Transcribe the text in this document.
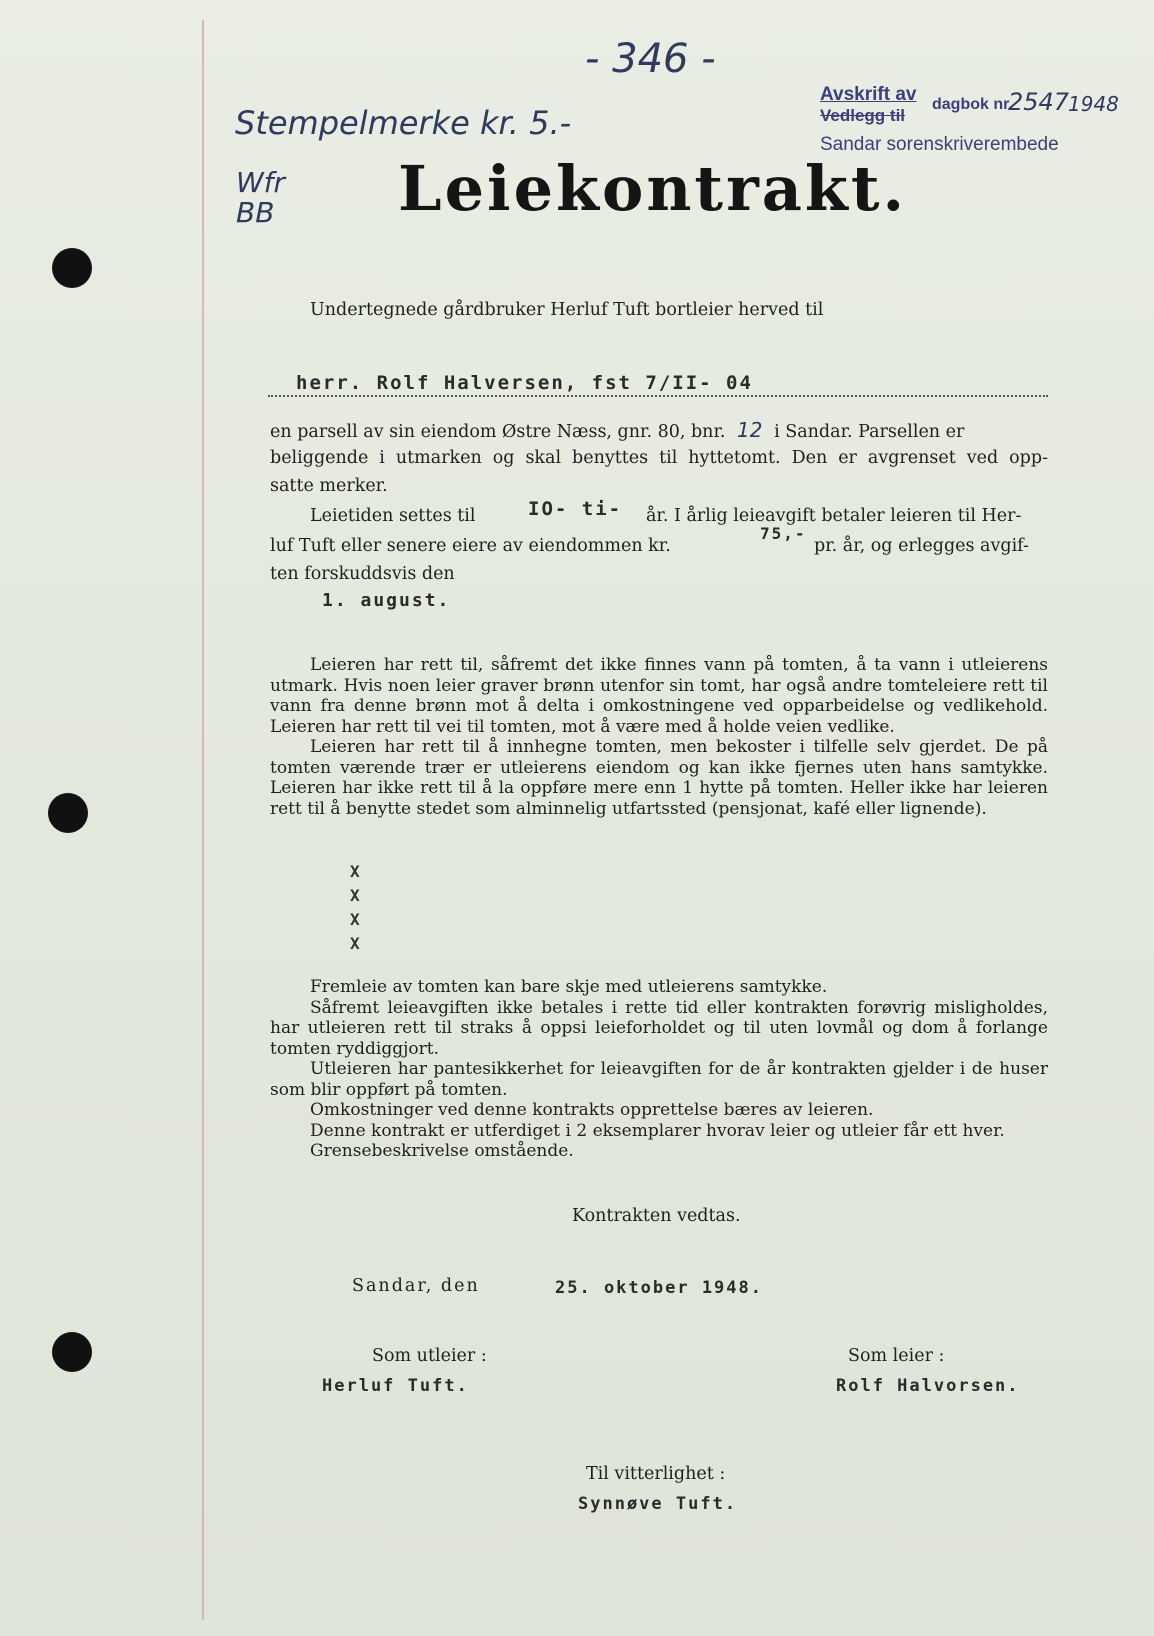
- 346 -
Stempelmerke kr. 5.-
Wfr BB
Avskrift av
Vedlegg til
dagbok nr.
2547
1948
Sandar sorenskriverembede
Leiekontrakt.
Undertegnede gårdbruker Herluf Tuft bortleier herved til
herr. Rolf Halversen, fst 7/II- 04
en parsell av sin eiendom Østre Næss, gnr. 80, bnr. 12 i Sandar. Parsellen er
beliggende i utmarken og skal benyttes til hyttetomt. Den er avgrenset ved opp-
satte merker.
Leietiden settes til	IO- ti- år. I årlig leieavgift betaler leieren til Her-
luf Tuft eller senere eiere av eiendommen kr.
75,-
pr. år, og erlegges avgif-
ten forskuddsvis den
1. august.

Leieren har rett til, såfremt det ikke finnes vann på tomten, å ta vann i utleierens utmark. Hvis noen leier graver brønn utenfor sin tomt, har også andre tomteleiere rett til vann fra denne brønn mot å delta i omkostningene ved opparbeidelse og vedlikehold. Leieren har rett til vei til tomten, mot å være med å holde veien vedlike.

Leieren har rett til å innhegne tomten, men bekoster i tilfelle selv gjerdet. De på tomten værende trær er utleierens eiendom og kan ikke fjernes uten hans samtykke. Leieren har ikke rett til å la oppføre mere enn 1 hytte på tomten. Heller ikke har leieren rett til å benytte stedet som alminnelig utfartssted (pensjonat, kafé eller lignende).

X
X
X
X

Fremleie av tomten kan bare skje med utleierens samtykke.

Såfremt leieavgiften ikke betales i rette tid eller kontrakten forøvrig misligholdes, har utleieren rett til straks å oppsi leieforholdet og til uten lovmål og dom å forlange tomten ryddiggjort.

Utleieren har pantesikkerhet for leieavgiften for de år kontrakten gjelder i de huser som blir oppført på tomten.

Omkostninger ved denne kontrakts opprettelse bæres av leieren.

Denne kontrakt er utferdiget i 2 eksemplarer hvorav leier og utleier får ett hver.

Grensebeskrivelse omstående.

Kontrakten vedtas.
Sandar, den	25. oktober 1948.
Som utleier :
Herluf Tuft.
Som leier :
Rolf Halvorsen.
Til vitterlighet :
Synnøve Tuft.
